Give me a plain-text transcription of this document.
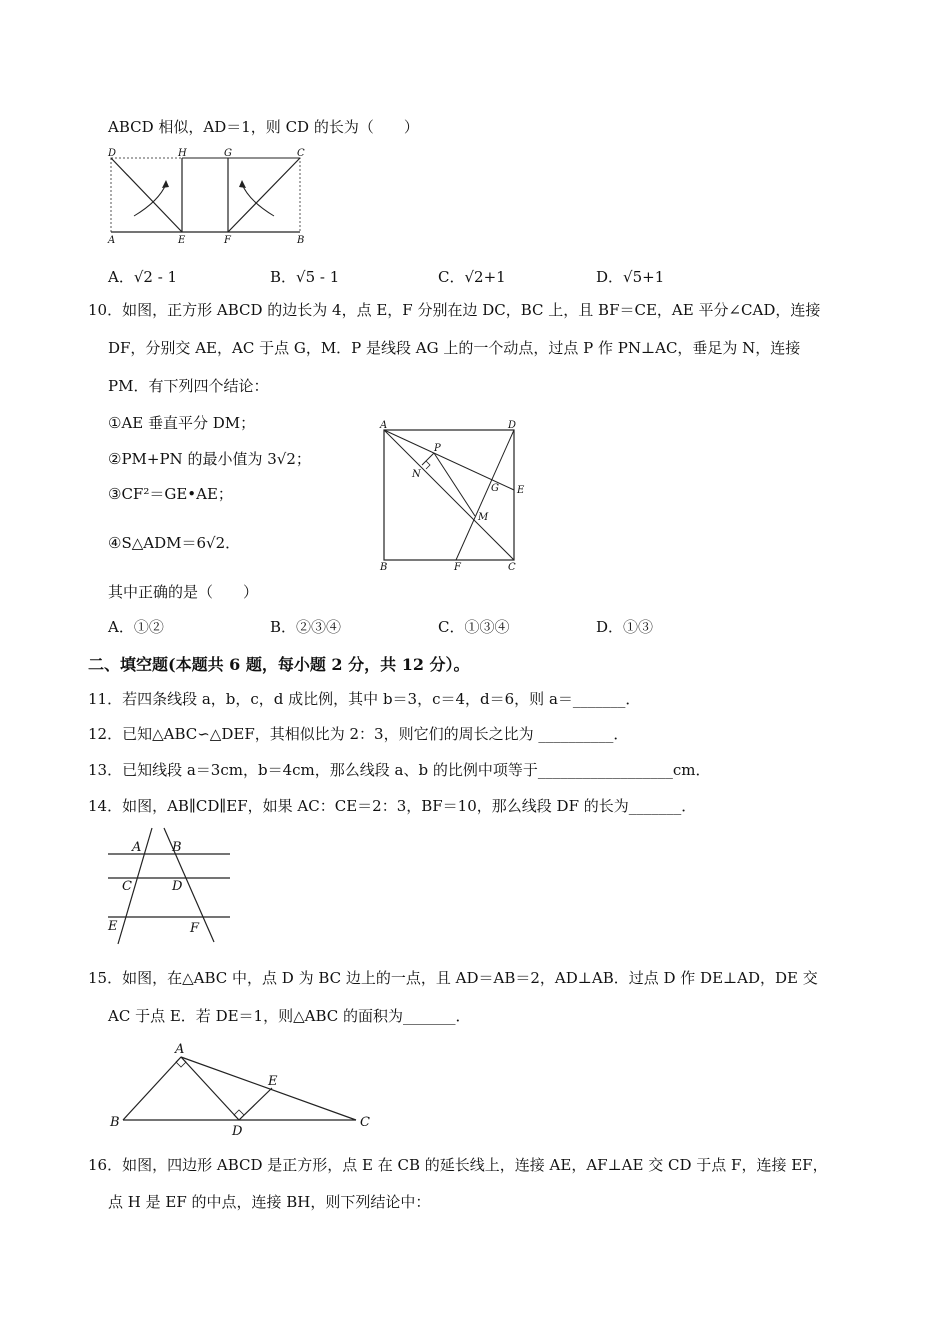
ABCD 相似，AD＝1，则 CD 的长为（　　）
D	H	G	C
A	E	F	B
A．√2 - 1	B．√5 - 1	C．√2+1	D．√5+1
10．如图，正方形 ABCD 的边长为 4，点 E，F 分别在边 DC，BC 上，且 BF＝CE，AE 平分∠CAD，连接
DF，分别交 AE，AC 于点 G，M．P 是线段 AG 上的一个动点，过点 P 作 PN⊥AC，垂足为 N，连接
PM．有下列四个结论：
①AE 垂直平分 DM；
②PM+PN 的最小值为 3√2；
③CF²＝GE•AE；
④S△ADM＝6√2．
A	D
P
N
G E
M
B	F	C
其中正确的是（　　）
A．①②	B．②③④	C．①③④	D．①③
二、填空题(本题共 6 题，每小题 2 分，共 12 分）。
11．若四条线段 a，b，c，d 成比例，其中 b＝3，c＝4，d＝6，则 a＝_______．
12．已知△ABC∽△DEF，其相似比为 2：3，则它们的周长之比为 __________．
13．已知线段 a＝3cm，b＝4cm，那么线段 a、b 的比例中项等于__________________cm．
14．如图，AB∥CD∥EF，如果 AC：CE＝2：3，BF＝10，那么线段 DF 的长为_______．
A B
C	D
E	F
15．如图，在△ABC 中，点 D 为 BC 边上的一点，且 AD＝AB＝2，AD⊥AB．过点 D 作 DE⊥AD，DE 交
AC 于点 E．若 DE＝1，则△ABC 的面积为_______．
A
E
B
D
C
16．如图，四边形 ABCD 是正方形，点 E 在 CB 的延长线上，连接 AE，AF⊥AE 交 CD 于点 F，连接 EF，
点 H 是 EF 的中点，连接 BH，则下列结论中：
